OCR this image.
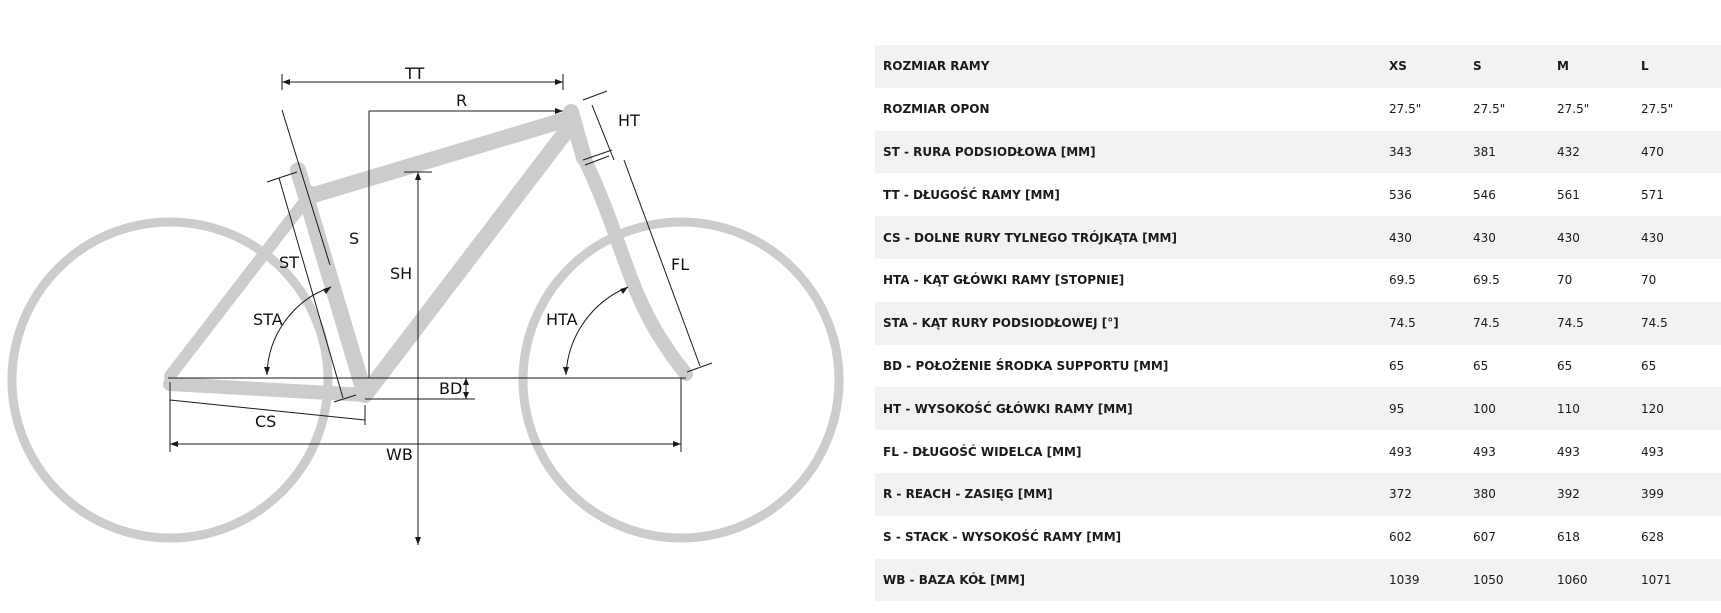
TT
R
HT
S
ST
SH	FL
STA	HTA
BD
CS
WB
ROZMIAR RAMY	XS	S	M	L
ROZMIAR OPON	27.5"	27.5"	27.5"	27.5"
ST - RURA PODSIODŁOWA [MM]	343	381	432	470
TT - DŁUGOŚĆ RAMY [MM]	536	546	561	571
CS - DOLNE RURY TYLNEGO TRÓJKĄTA [MM]	430	430	430	430
HTA - KĄT GŁÓWKI RAMY [STOPNIE]	69.5	69.5	70	70
STA - KĄT RURY PODSIODŁOWEJ [°]	74.5	74.5	74.5	74.5
BD - POŁOŻENIE ŚRODKA SUPPORTU [MM]	65	65	65	65
HT - WYSOKOŚĆ GŁÓWKI RAMY [MM]	95	100	110	120
FL - DŁUGOŚĆ WIDELCA [MM]	493	493	493	493
R - REACH - ZASIĘG [MM]	372	380	392	399
S - STACK - WYSOKOŚĆ RAMY [MM]	602	607	618	628
WB - BAZA KÓŁ [MM]	1039	1050	1060	1071
